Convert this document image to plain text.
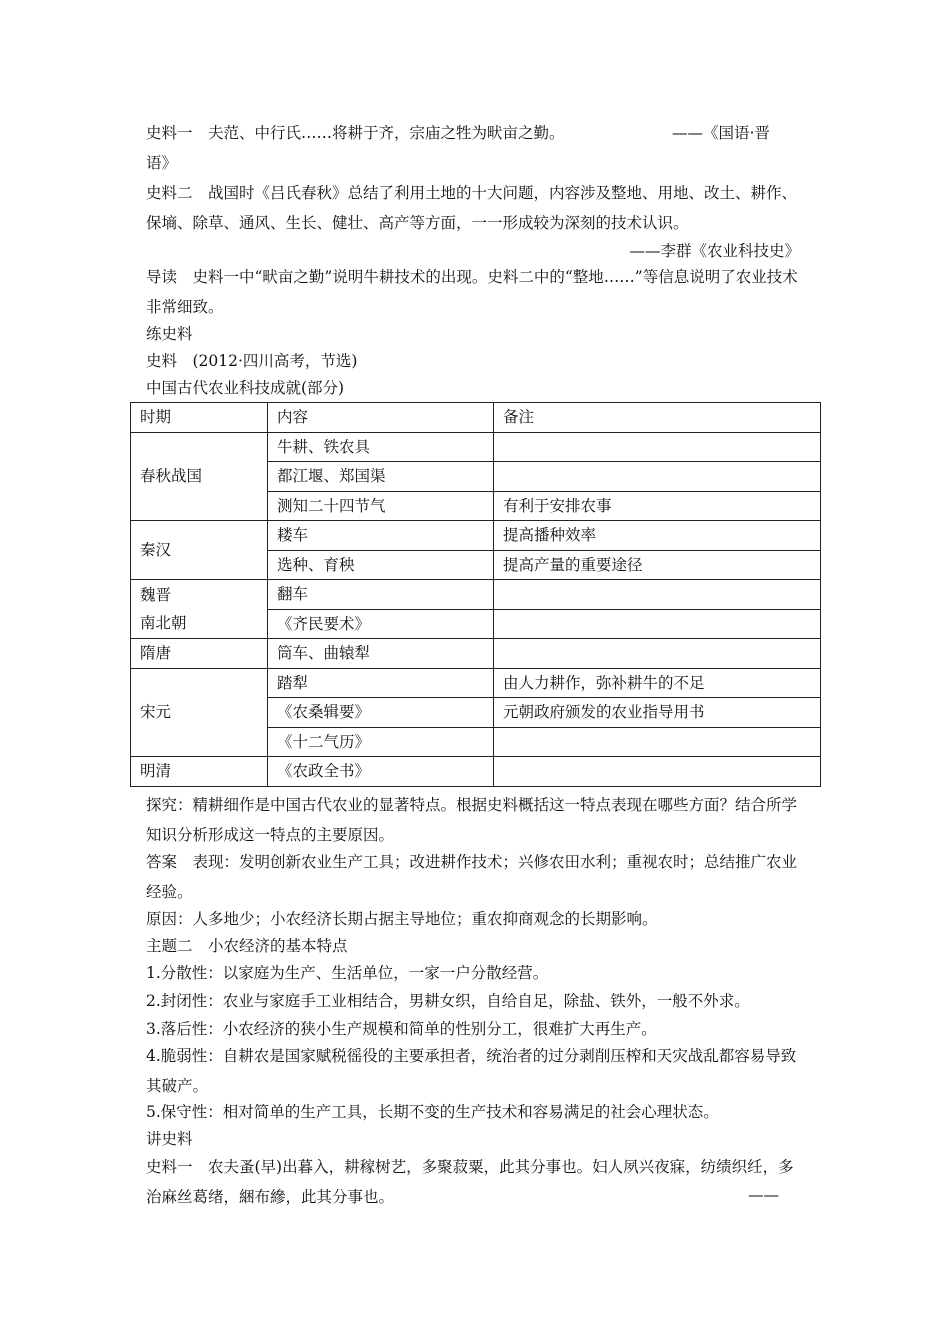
史料一　夫范、中行氏……将耕于齐，宗庙之牲为畎亩之勤。	——《国语·晋
语》

史料二　战国时《吕氏春秋》总结了利用土地的十大问题，内容涉及整地、用地、改土、耕作、保墒、除草、通风、生长、健壮、高产等方面，一一形成较为深刻的技术认识。

——李群《农业科技史》

导读　史料一中“畎亩之勤”说明牛耕技术的出现。史料二中的“整地……”等信息说明了农业技术非常细致。

练史料
史料　(2012·四川高考，节选)
中国古代农业科技成就(部分)
时期	内容	备注
春秋战国	牛耕、铁农具	
	都江堰、郑国渠	
	测知二十四节气	有利于安排农事
秦汉	耧车	提高播种效率
	选种、育秧	提高产量的重要途径
魏晋
南北朝	翻车	
	《齐民要术》	
隋唐	筒车、曲辕犁	
宋元	踏犁	由人力耕作，弥补耕牛的不足
	《农桑辑要》	元朝政府颁发的农业指导用书
	《十二气历》	
明清	《农政全书》	

探究：精耕细作是中国古代农业的显著特点。根据史料概括这一特点表现在哪些方面？结合所学知识分析形成这一特点的主要原因。

答案　表现：发明创新农业生产工具；改进耕作技术；兴修农田水利；重视农时；总结推广农业经验。

原因：人多地少；小农经济长期占据主导地位；重农抑商观念的长期影响。

主题二　小农经济的基本特点

1.分散性：以家庭为生产、生活单位，一家一户分散经营。

2.封闭性：农业与家庭手工业相结合，男耕女织，自给自足，除盐、铁外，一般不外求。

3.落后性：小农经济的狭小生产规模和简单的性别分工，很难扩大再生产。

4.脆弱性：自耕农是国家赋税徭役的主要承担者，统治者的过分剥削压榨和天灾战乱都容易导致其破产。

5.保守性：相对简单的生产工具，长期不变的生产技术和容易满足的社会心理状态。

讲史料

史料一　农夫蚤(早)出暮入，耕稼树艺，多聚菽粟，此其分事也。妇人夙兴夜寐，纺绩织纴，多治麻丝葛绪，綑布縿，此其分事也。	——
